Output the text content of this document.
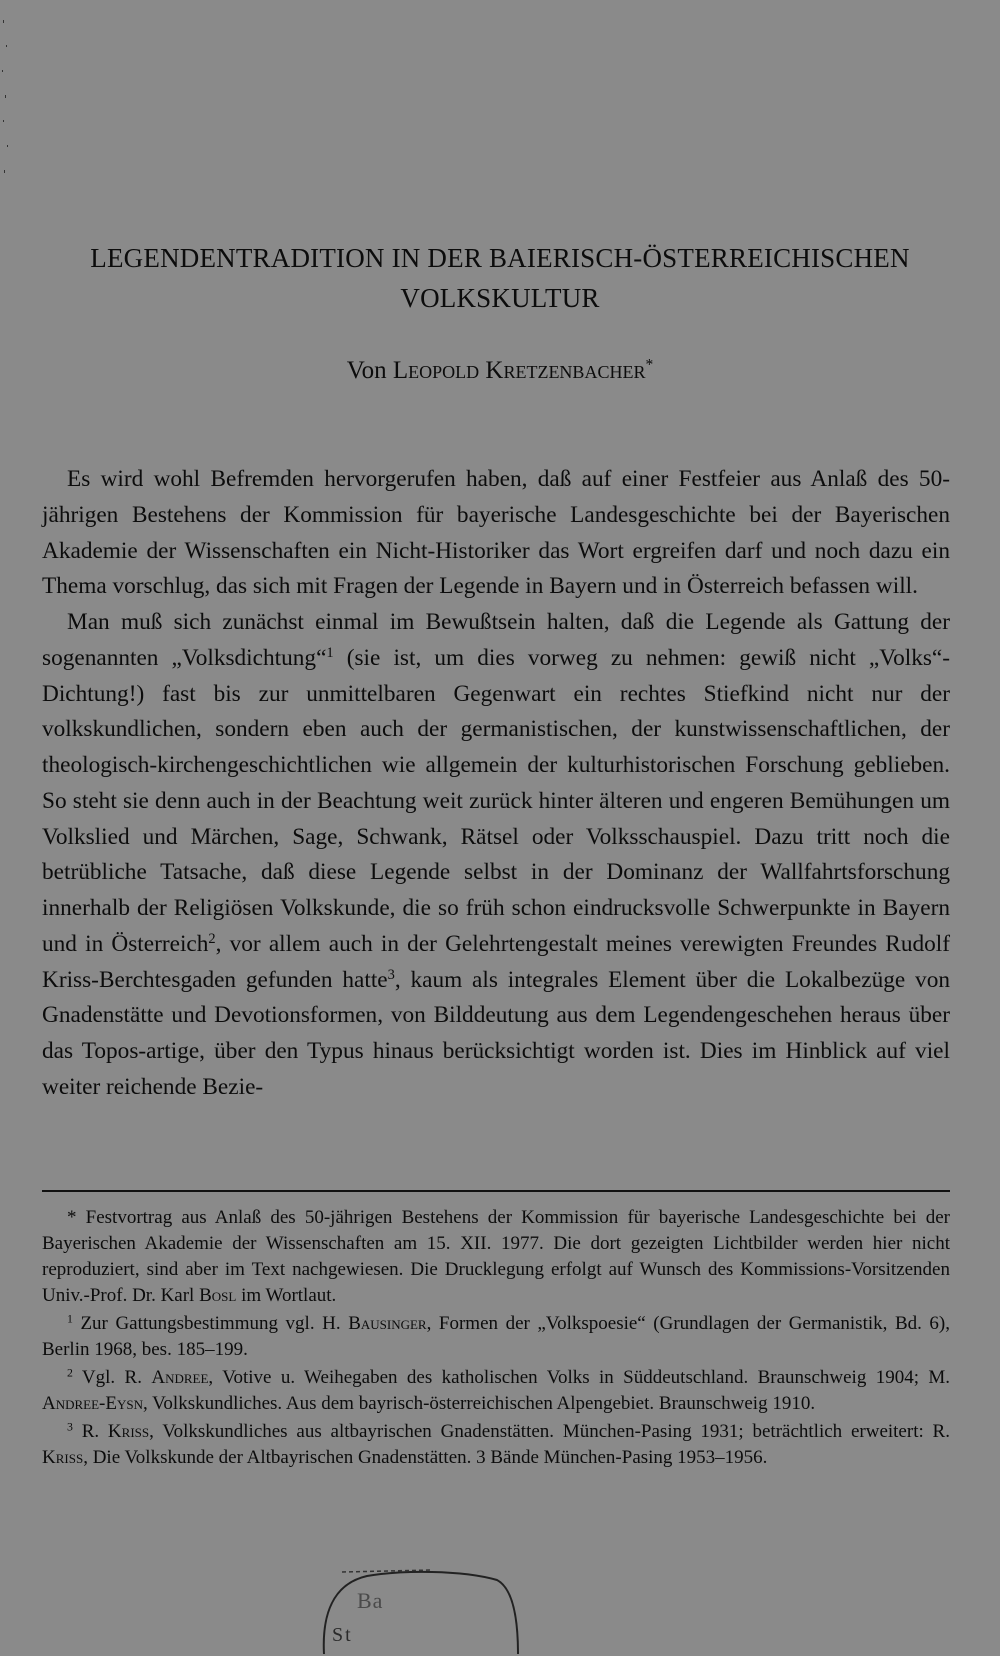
LEGENDENTRADITION IN DER BAIERISCH-ÖSTERREICHISCHEN
VOLKSKULTUR
Von Leopold Kretzenbacher*

Es wird wohl Befremden hervorgerufen haben, daß auf einer Festfeier aus Anlaß des 50-jährigen Bestehens der Kommission für bayerische Landesgeschichte bei der Bayerischen Akademie der Wissenschaften ein Nicht-Historiker das Wort ergreifen darf und noch dazu ein Thema vorschlug, das sich mit Fragen der Legende in Bayern und in Österreich befassen will.

Man muß sich zunächst einmal im Bewußtsein halten, daß die Legende als Gattung der sogenannten „Volksdichtung“$^1$ (sie ist, um dies vorweg zu nehmen: gewiß nicht „Volks“-Dichtung!) fast bis zur unmittelbaren Gegenwart ein rechtes Stiefkind nicht nur der volkskundlichen, sondern eben auch der germanistischen, der kunstwissenschaftlichen, der theologisch-kirchengeschichtlichen wie allgemein der kulturhistorischen Forschung geblieben. So steht sie denn auch in der Beachtung weit zurück hinter älteren und engeren Bemühungen um Volkslied und Märchen, Sage, Schwank, Rätsel oder Volksschauspiel. Dazu tritt noch die betrübliche Tatsache, daß diese Legende selbst in der Dominanz der Wallfahrtsforschung innerhalb der Religiösen Volkskunde, die so früh schon eindrucksvolle Schwerpunkte in Bayern und in Österreich$^2$, vor allem auch in der Gelehrtengestalt meines verewigten Freundes Rudolf Kriss-Berchtesgaden gefunden hatte$^3$, kaum als integrales Element über die Lokalbezüge von Gnadenstätte und Devotionsformen, von Bilddeutung aus dem Legendengeschehen heraus über das Topos-artige, über den Typus hinaus berücksichtigt worden ist. Dies im Hinblick auf viel weiter reichende Bezie-

* Festvortrag aus Anlaß des 50-jährigen Bestehens der Kommission für bayerische Landesgeschichte bei der Bayerischen Akademie der Wissenschaften am 15. XII. 1977. Die dort gezeigten Lichtbilder werden hier nicht reproduziert, sind aber im Text nachgewiesen. Die Drucklegung erfolgt auf Wunsch des Kommissions-Vorsitzenden Univ.-Prof. Dr. Karl Bosl im Wortlaut.

$^1$ Zur Gattungsbestimmung vgl. H. Bausinger, Formen der „Volkspoesie“ (Grundlagen der Germanistik, Bd. 6), Berlin 1968, bes. 185–199.

$^2$ Vgl. R. Andree, Votive u. Weihegaben des katholischen Volks in Süddeutschland. Braunschweig 1904; M. Andree-Eysn, Volkskundliches. Aus dem bayrisch-österreichischen Alpengebiet. Braunschweig 1910.

$^3$ R. Kriss, Volkskundliches aus altbayrischen Gnadenstätten. München-Pasing 1931; beträchtlich erweitert: R. Kriss, Die Volkskunde der Altbayrischen Gnadenstätten. 3 Bände München-Pasing 1953–1956.

Ba
St
